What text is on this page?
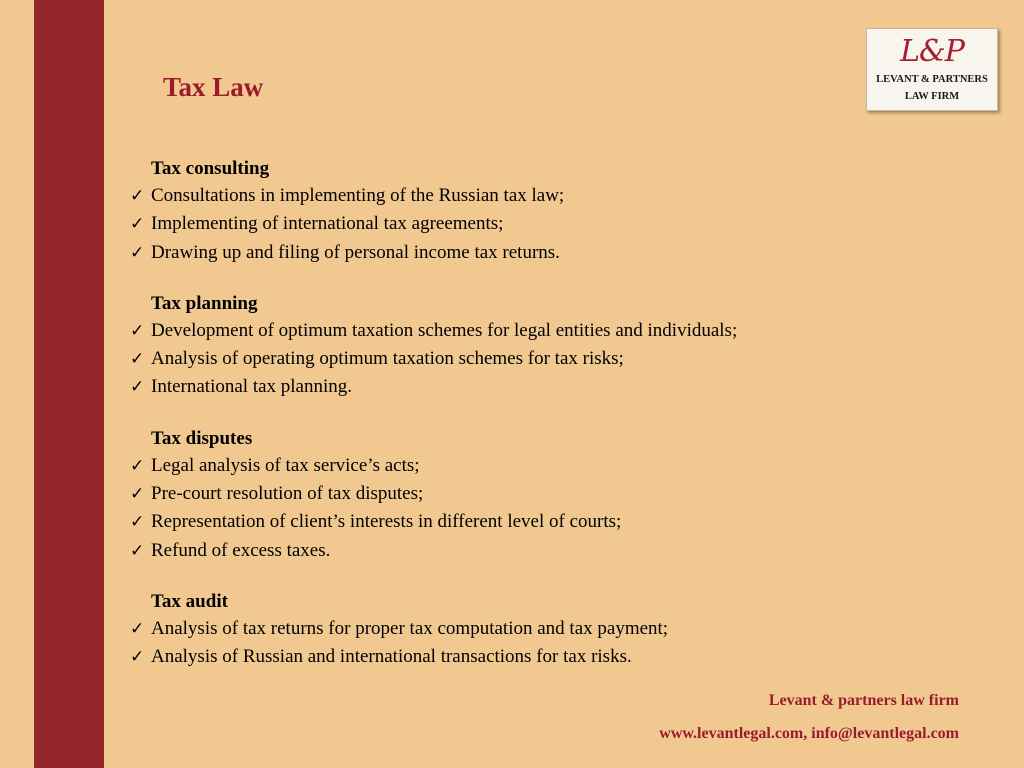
Tax Law
L&P
LEVANT & PARTNERS
LAW FIRM
Tax consulting
✓ Consultations in implementing of the Russian tax law;
✓ Implementing of international tax agreements;
✓ Drawing up and filing of personal income tax returns.
Tax planning
✓ Development of optimum taxation schemes for legal entities and individuals;
✓ Analysis of operating optimum taxation schemes for tax risks;
✓ International tax planning.
Tax disputes
✓ Legal analysis of tax service’s acts;
✓ Pre-court resolution of tax disputes;
✓ Representation of client’s interests in different level of courts;
✓ Refund of excess taxes.
Tax audit
✓ Analysis of tax returns for proper tax computation and tax payment;
✓ Analysis of Russian and international transactions for tax risks.
Levant & partners law firm
www.levantlegal.com, info@levantlegal.com
